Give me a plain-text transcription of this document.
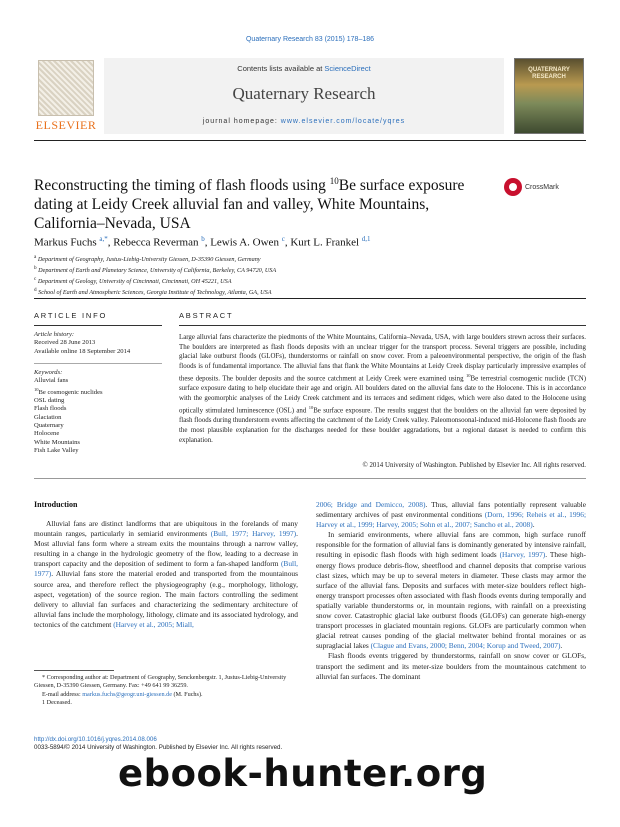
Quaternary Research 83 (2015) 178–186
ELSEVIER
Contents lists available at ScienceDirect
Quaternary Research
journal homepage: www.elsevier.com/locate/yqres
QUATERNARY RESEARCH
Reconstructing the timing of flash floods using $^{10}$Be surface exposure dating at Leidy Creek alluvial fan and valley, White Mountains, California–Nevada, USA
CrossMark
Markus Fuchs $^{a,*}$, Rebecca Reverman $^b$, Lewis A. Owen $^c$, Kurt L. Frankel $^{d,1}$
$^a$ Department of Geography, Justus-Liebig-University Giessen, D-35390 Giessen, Germany
$^b$ Department of Earth and Planetary Science, University of California, Berkeley, CA 94720, USA
$^c$ Department of Geology, University of Cincinnati, Cincinnati, OH 45221, USA
$^d$ School of Earth and Atmospheric Sciences, Georgia Institute of Technology, Atlanta, GA, USA
ARTICLE INFO
Article history:
Received 28 June 2013
Available online 18 September 2014
Keywords:
Alluvial fans
$^{10}$Be cosmogenic nuclides
OSL dating
Flash floods
Glaciation
Quaternary
Holocene
White Mountains
Fish Lake Valley
ABSTRACT
Large alluvial fans characterize the piedmonts of the White Mountains, California–Nevada, USA, with large boulders strewn across their surfaces. The boulders are interpreted as flash floods deposits with an unclear trigger for the transport process. Several triggers are possible, including glacial lake outburst floods (GLOFs), thunderstorms or rainfall on snow cover. From a paleoenvironmental perspective, the origin of the flash floods is of fundamental importance. The alluvial fans that flank the White Mountains at Leidy Creek display particularly impressive examples of these deposits. The boulder deposits and the source catchment at Leidy Creek were examined using $^{10}$Be terrestrial cosmogenic nuclide (TCN) surface exposure dating to help elucidate their age and origin. All boulders dated on the alluvial fans date to the Holocene. This is in accordance with the geomorphic analyses of the Leidy Creek catchment and its terraces and sediment ridges, which were also dated to the Holocene using optically stimulated luminescence (OSL) and $^{10}$Be surface exposure. The results suggest that the boulders on the alluvial fan were deposited by flash floods during thunderstorm events affecting the catchment of the Leidy Creek valley. Paleomonsoonal-induced mid-Holocene flash floods are the most plausible explanation for the discharges needed for these boulder aggradations, but a regional dataset is needed to confirm this explanation.
© 2014 University of Washington. Published by Elsevier Inc. All rights reserved.
Introduction

Alluvial fans are distinct landforms that are ubiquitous in the forelands of many mountain ranges, particularly in semiarid environments (Bull, 1977; Harvey, 1997). Most alluvial fans form where a stream exits the mountains through a narrow valley, resulting in a change in the hydrologic geometry of the flow, leading to a decrease in transport capacity and the deposition of sediment to form a fan-shaped landform (Bull, 1977). Alluvial fans store the material eroded and transported from the mountainous source area, and therefore reflect the physiogeography (e.g., morphology, lithology, aspect, vegetation) of the source region. The main factors controlling the sediment delivery to alluvial fan surfaces and characterizing the sedimentary architecture of alluvial fans include the morphology, lithology, climate and its associated hydrology, and tectonics of the catchment (Harvey et al., 2005; Miall,

2006; Bridge and Demicco, 2008). Thus, alluvial fans potentially represent valuable sedimentary archives of past environmental conditions (Dorn, 1996; Reheis et al., 1996; Harvey et al., 1999; Harvey, 2005; Sohn et al., 2007; Sancho et al., 2008).

In semiarid environments, where alluvial fans are common, high surface runoff responsible for the formation of alluvial fans is dominantly generated by intensive rainfall, resulting in episodic flash floods with high sediment loads (Harvey, 1997). These high-energy flows produce debris-flow, sheetflood and channel deposits that comprise various clast sizes, which may be up to several meters in diameter. These clasts may armor the surface of the alluvial fans. Deposits and surfaces with meter-size boulders reflect high-energy transport processes often associated with flash floods events during temporally and spatially variable thunderstorms or, in mountain regions, with rainfall on a preexisting snow cover. Catastrophic glacial lake outburst floods (GLOFs) can generate high-energy transport processes in glaciated mountain regions. GLOFs are particularly common when glacial retreat causes ponding of the glacial meltwater behind frontal moraines or as supraglacial lakes (Clague and Evans, 2000; Benn, 2004; Korup and Tweed, 2007).

Flash floods events triggered by thunderstorms, rainfall on snow cover or GLOFs, transport the sediment and its meter-size boulders from the mountainous catchment to alluvial fan surfaces. The dominant

* Corresponding author at: Department of Geography, Senckenbergstr. 1, Justus-Liebig-University Giessen, D-35390 Giessen, Germany. Fax: +49 641 99 36259.
E-mail address: markus.fuchs@geogr.uni-giessen.de (M. Fuchs).
1 Deceased.
http://dx.doi.org/10.1016/j.yqres.2014.08.006
0033-5894/© 2014 University of Washington. Published by Elsevier Inc. All rights reserved.
ebook-hunter.org
